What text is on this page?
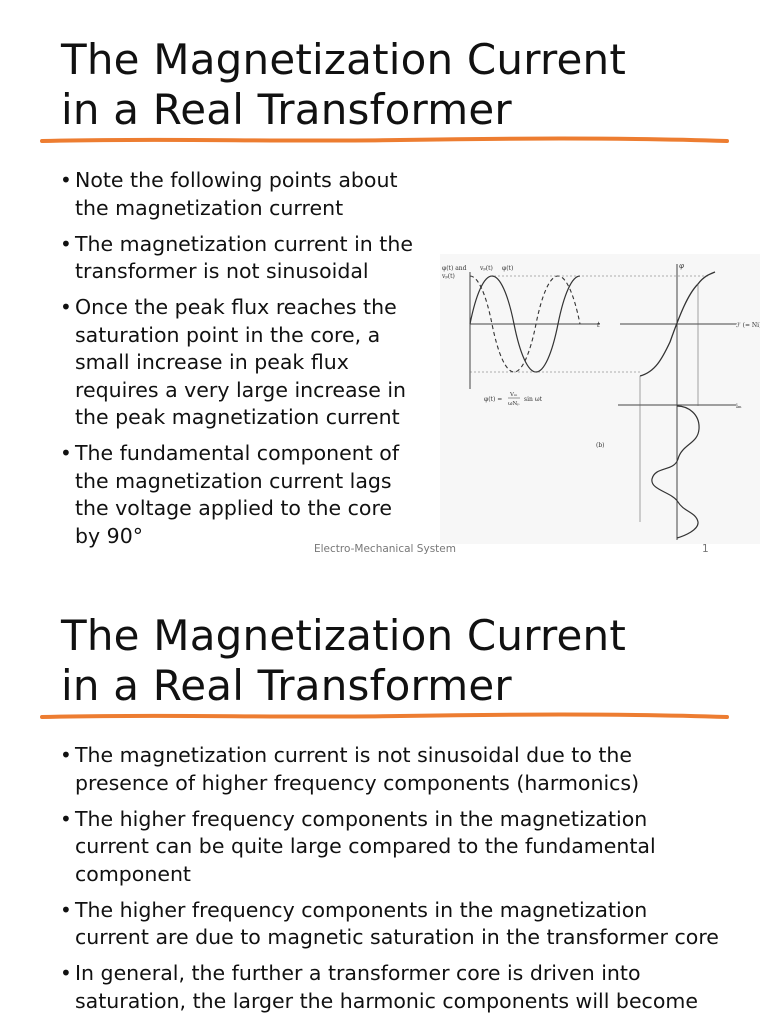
The Magnetization Current
in a Real Transformer
• Note the following points about the magnetization current
• The magnetization current in the transformer is not sinusoidal
• Once the peak flux reaches the saturation point in the core, a small increase in peak flux requires a very large increase in the peak magnetization current
• The fundamental component of the magnetization current lags the voltage applied to the core by 90°
φ(t) and
vₚ(t)
vₚ(t) φ(t)
t
φ(t) =
Vₘ
ωNₚ
sin ωt
φ
ℱ (= Ni)
iₘ
(b)
Electro-Mechanical System	1
The Magnetization Current
in a Real Transformer
• The magnetization current is not sinusoidal due to the presence of higher frequency components (harmonics)
• The higher frequency components in the magnetization current can be quite large compared to the fundamental component
• The higher frequency components in the magnetization current are due to magnetic saturation in the transformer core
• In general, the further a transformer core is driven into saturation, the larger the harmonic components will become
